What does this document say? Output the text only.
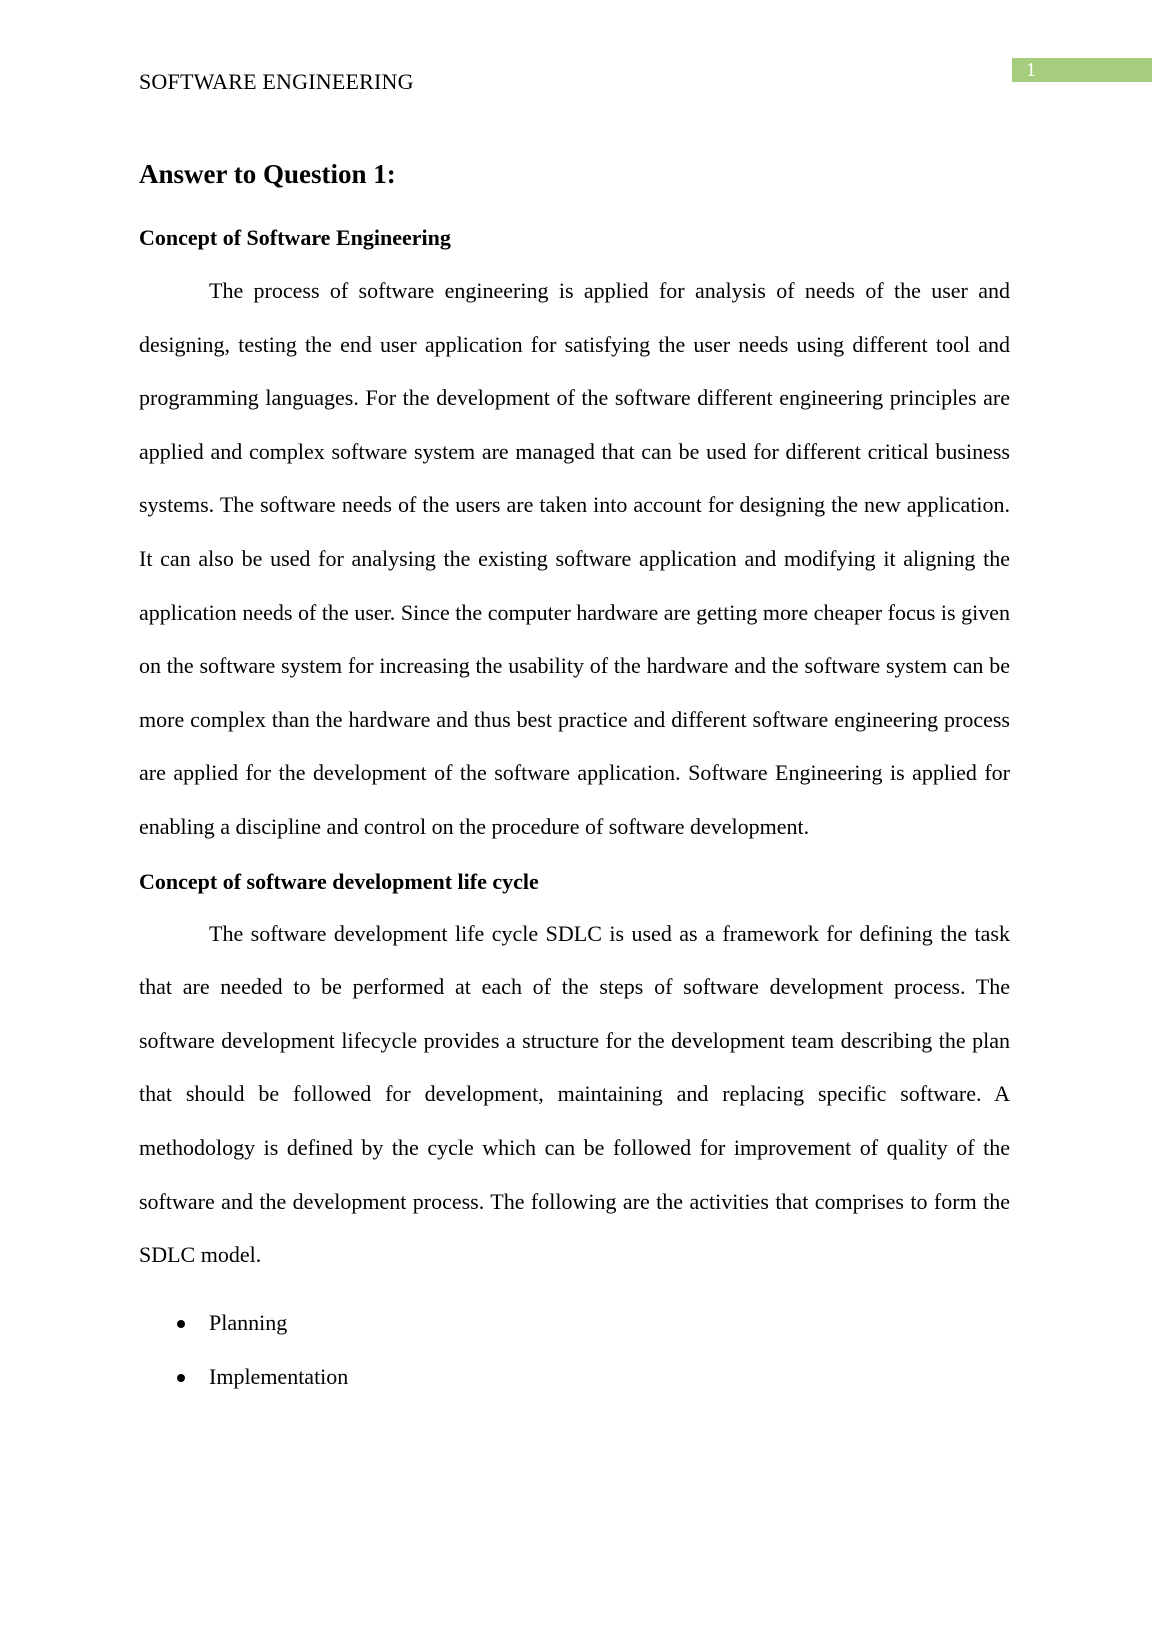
1
SOFTWARE ENGINEERING
Answer to Question 1:
Concept of Software Engineering

The process of software engineering is applied for analysis of needs of the user and designing, testing the end user application for satisfying the user needs using different tool and programming languages. For the development of the software different engineering principles are applied and complex software system are managed that can be used for different critical business systems. The software needs of the users are taken into account for designing the new application. It can also be used for analysing the existing software application and modifying it aligning the application needs of the user. Since the computer hardware are getting more cheaper focus is given on the software system for increasing the usability of the hardware and the software system can be more complex than the hardware and thus best practice and different software engineering process are applied for the development of the software application. Software Engineering is applied for enabling a discipline and control on the procedure of software development.

Concept of software development life cycle

The software development life cycle SDLC is used as a framework for defining the task that are needed to be performed at each of the steps of software development process. The software development lifecycle provides a structure for the development team describing the plan that should be followed for development, maintaining and replacing specific software. A methodology is defined by the cycle which can be followed for improvement of quality of the software and the development process. The following are the activities that comprises to form the SDLC model.

Planning
Implementation
